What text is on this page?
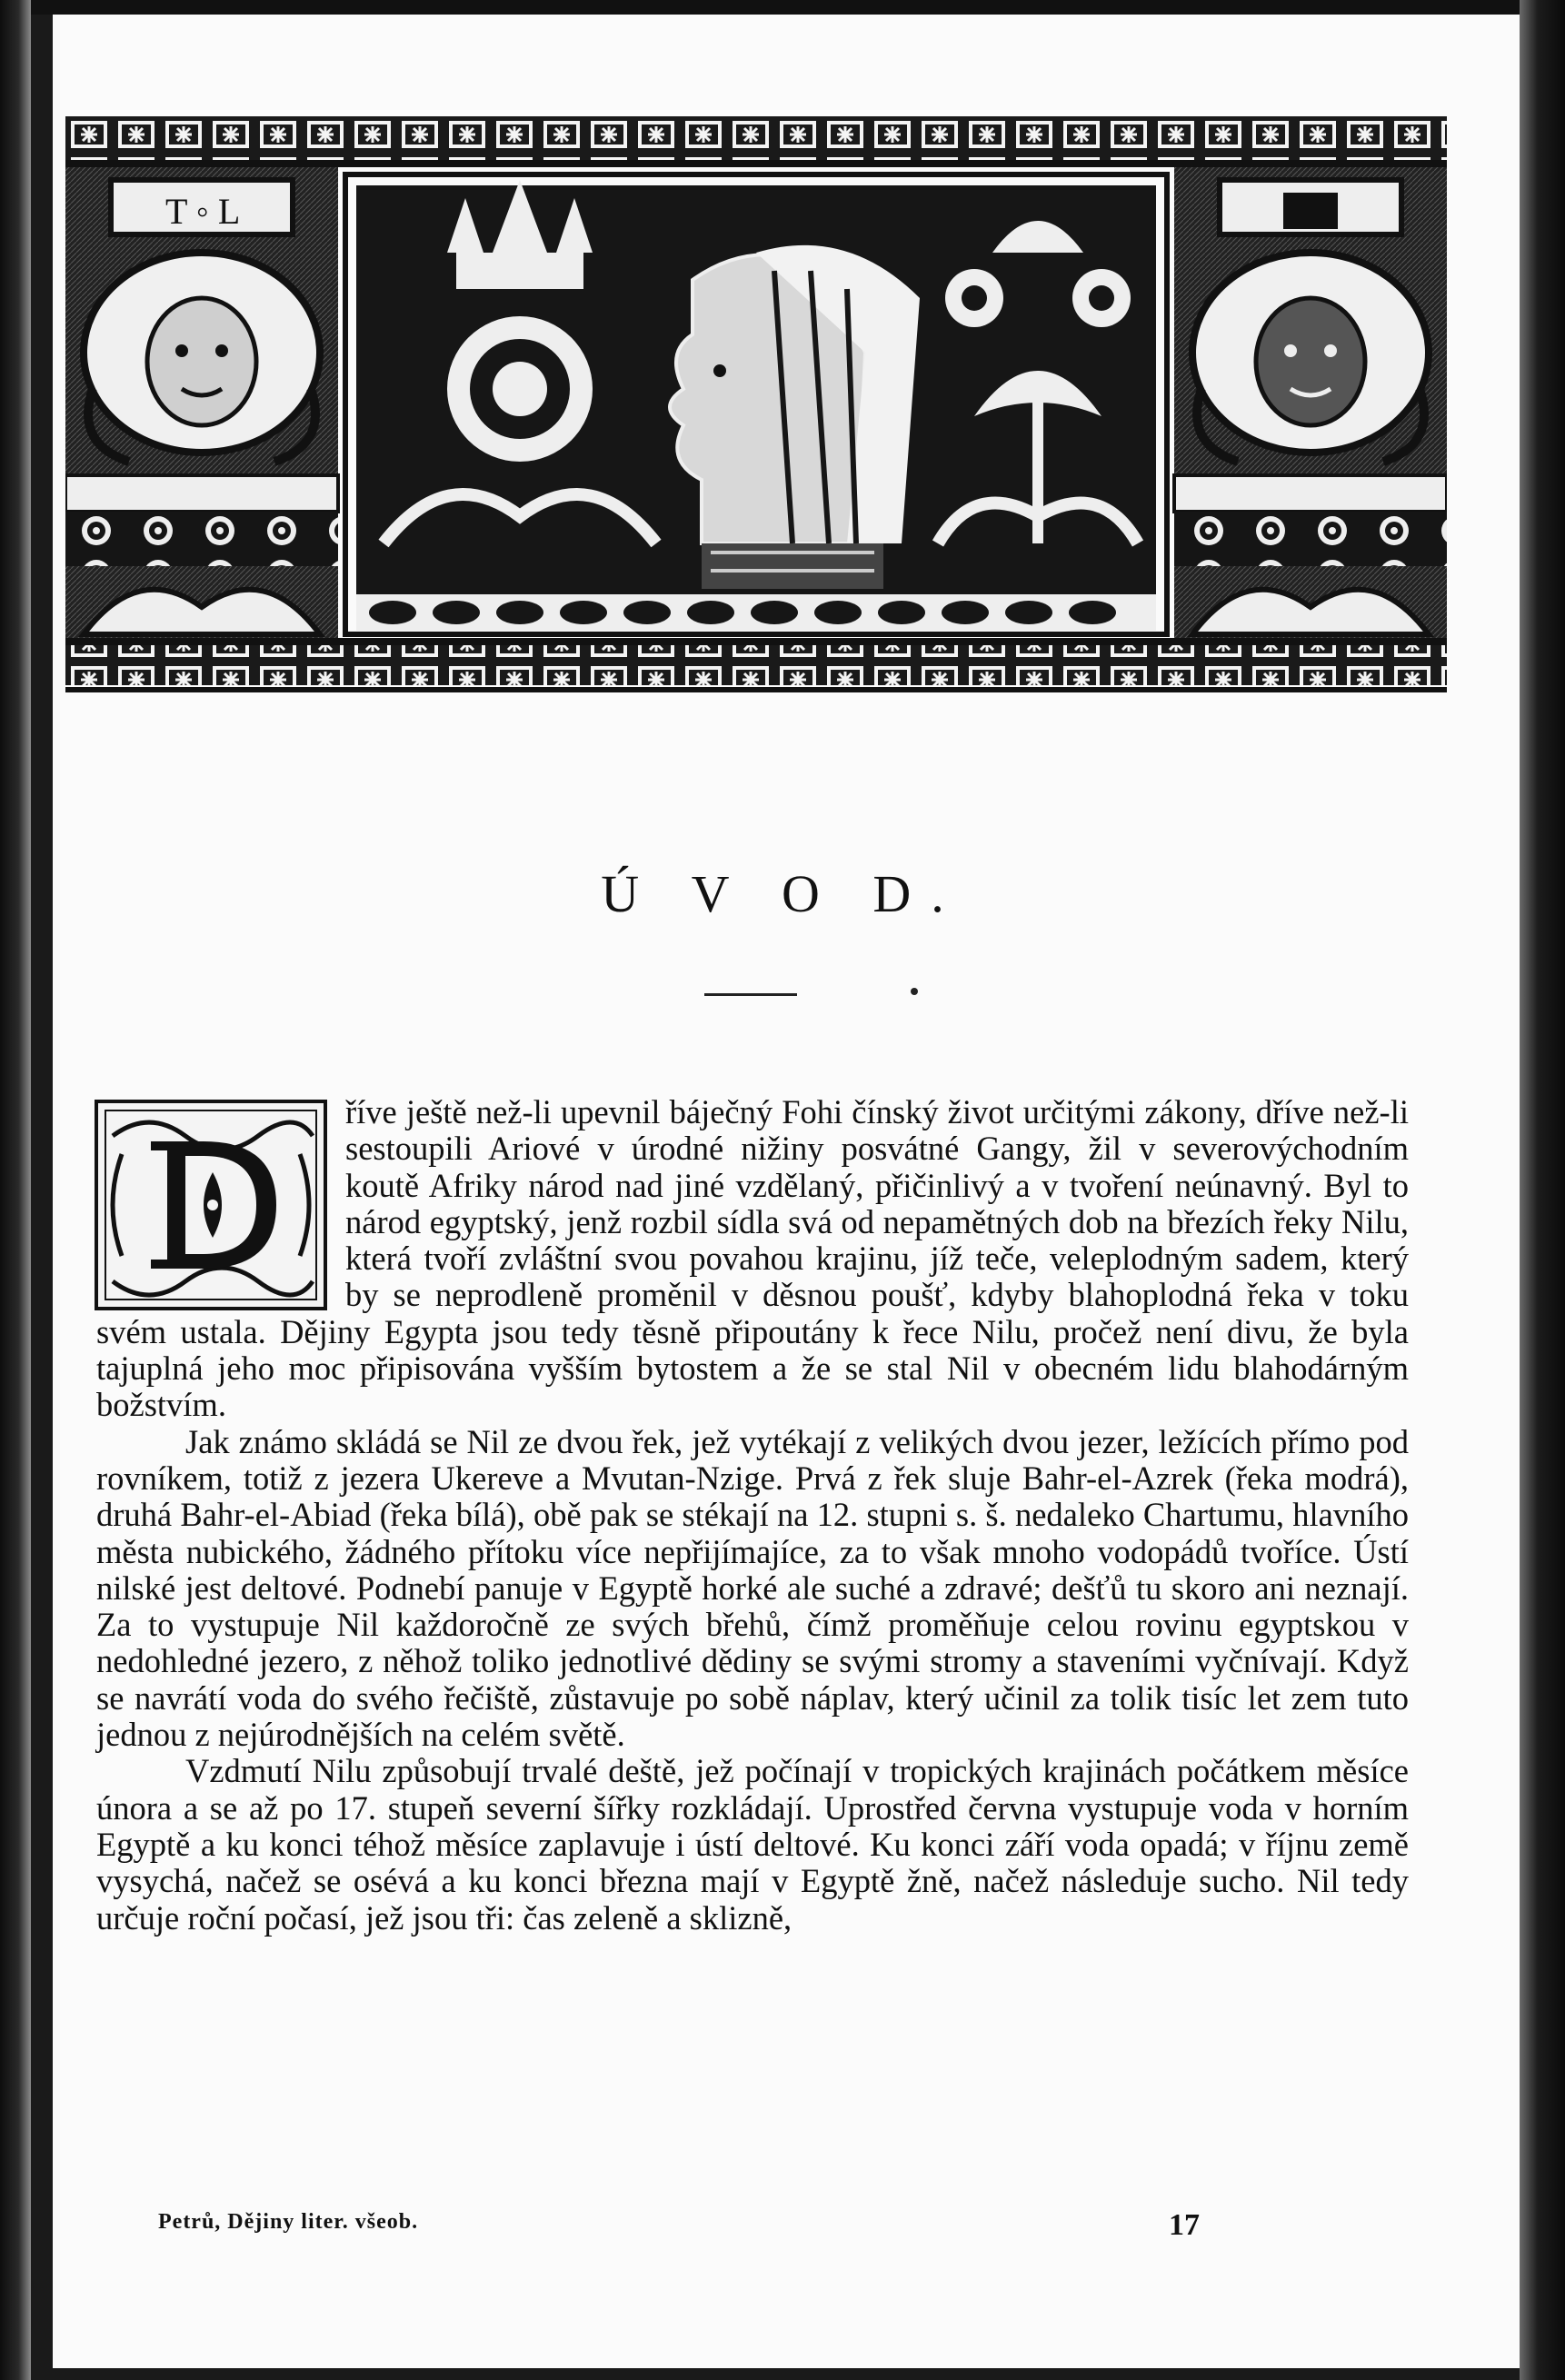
T ◦ L
Ú V O D.

říve ještě než-li upevnil báječný Fohi čínský život určitými zákony, dříve než-li sestoupili Ariové v úrodné nižiny posvátné Gangy, žil v severovýchodním koutě Afriky národ nad jiné vzdělaný, přičinlivý a v tvoření neúnavný. Byl to národ egyptský, jenž rozbil sídla svá od nepamětných dob na březích řeky Nilu, která tvoří zvláštní svou povahou krajinu, jíž teče, veleplodným sadem, který by se neprodleně proměnil v děsnou poušť, kdyby blahoplodná řeka v toku svém ustala. Dějiny Egypta jsou tedy těsně připoutány k řece Nilu, pročež není divu, že byla tajuplná jeho moc připisována vyšším bytostem a že se stal Nil v obecném lidu blahodárným božstvím.

Jak známo skládá se Nil ze dvou řek, jež vytékají z velikých dvou jezer, ležících přímo pod rovníkem, totiž z jezera Ukereve a Mvutan-Nzige. Prvá z řek sluje Bahr-el-Azrek (řeka modrá), druhá Bahr-el-Abiad (řeka bílá), obě pak se stékají na 12. stupni s. š. nedaleko Chartumu, hlavního města nubického, žádného přítoku více nepřijímajíce, za to však mnoho vodopádů tvoříce. Ústí nilské jest deltové. Podnebí panuje v Egyptě horké ale suché a zdravé; dešťů tu skoro ani neznají. Za to vystupuje Nil každoročně ze svých břehů, čímž proměňuje celou rovinu egyptskou v nedohledné jezero, z něhož toliko jednotlivé dědiny se svými stromy a staveními vyčnívají. Když se navrátí voda do svého řečiště, zůstavuje po sobě náplav, který učinil za tolik tisíc let zem tuto jednou z nejúrodnějších na celém světě.

Vzdmutí Nilu způsobují trvalé deště, jež počínají v tropických krajinách počátkem měsíce února a se až po 17. stupeň severní šířky rozkládají. Uprostřed června vystupuje voda v horním Egyptě a ku konci téhož měsíce zaplavuje i ústí deltové. Ku konci září voda opadá; v říjnu země vysychá, načež se osévá a ku konci března mají v Egyptě žně, načež následuje sucho. Nil tedy určuje roční počasí, jež jsou tři: čas zeleně a sklizně,

Petrů, Dějiny liter. všeob.	17
